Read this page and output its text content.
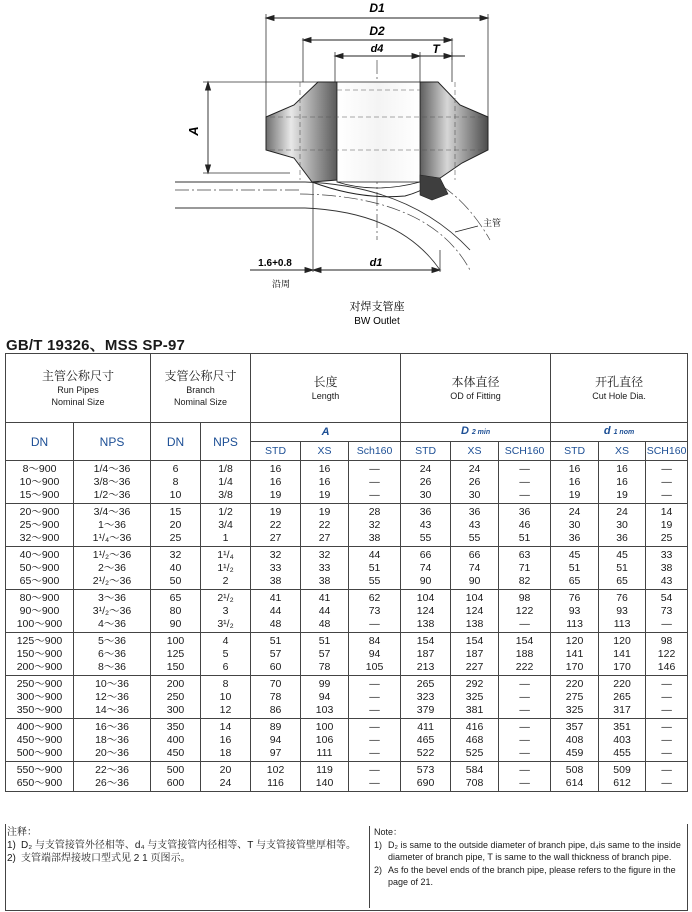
D1
D2
d4	T
A
1.6+0.8
沿周
d1
主管
对焊支管座
BW Outlet
GB/T 19326、MSS SP-97
主管公称尺寸
Run Pipes
Nominal Size		支管公称尺寸
Branch
Nominal Size		长度
Length			本体直径
OD of Fitting			开孔直径
Cut Hole Dia.		

DN	NPS	DN	NPS	A			D 2 min			d 1 nom		
				STD	XS	Sch160	STD	XS	SCH160	STD	XS	SCH160
8～900	1/4～36	6	1/8	16	16	—	24	24	—	16	16	—
10～900	3/8～36	8	1/4	16	16	—	26	26	—	16	16	—
15～900	1/2～36	10	3/8	19	19	—	30	30	—	19	19	—
20～900	3/4～36	15	1/2	19	19	28	36	36	36	24	24	14
25～900	1～36	20	3/4	22	22	32	43	43	46	30	30	19
32～900	1¹/₄～36	25	1	27	27	38	55	55	51	36	36	25
40～900	1¹/₂～36	32	1¹/₄	32	32	44	66	66	63	45	45	33
50～900	2～36	40	1¹/₂	33	33	51	74	74	71	51	51	38
65～900	2¹/₂～36	50	2	38	38	55	90	90	82	65	65	43
80～900	3～36	65	2¹/₂	41	41	62	104	104	98	76	76	54
90～900	3¹/₂～36	80	3	44	44	73	124	124	122	93	93	73
100～900	4～36	90	3¹/₂	48	48	—	138	138	—	113	113	—
125～900	5～36	100	4	51	51	84	154	154	154	120	120	98
150～900	6～36	125	5	57	57	94	187	187	188	141	141	122
200～900	8～36	150	6	60	78	105	213	227	222	170	170	146
250～900	10～36	200	8	70	99	—	265	292	—	220	220	—
300～900	12～36	250	10	78	94	—	323	325	—	275	265	—
350～900	14～36	300	12	86	103	—	379	381	—	325	317	—
400～900	16～36	350	14	89	100	—	411	416	—	357	351	—
450～900	18～36	400	16	94	106	—	465	468	—	408	403	—
500～900	20～36	450	18	97	111	—	522	525	—	459	455	—
550～900	22～36	500	20	102	119	—	573	584	—	508	509	—
650～900	26～36	600	24	116	140	—	690	708	—	614	612	—
注释：
1) D₂ 与支管接管外径相等、d₄ 与支管接管内径相等、T 与支管接管壁厚相等。
2) 支管端部焊接坡口型式见 2 1 页图示。
Note：
1) D₂ is same to the outside diameter of branch pipe, d₄is same to the inside diameter of branch pipe, T is same to the wall thickness of branch pipe.
2) As fo the bevel ends of the branch pipe, please refers to the figure in the page of 21.
